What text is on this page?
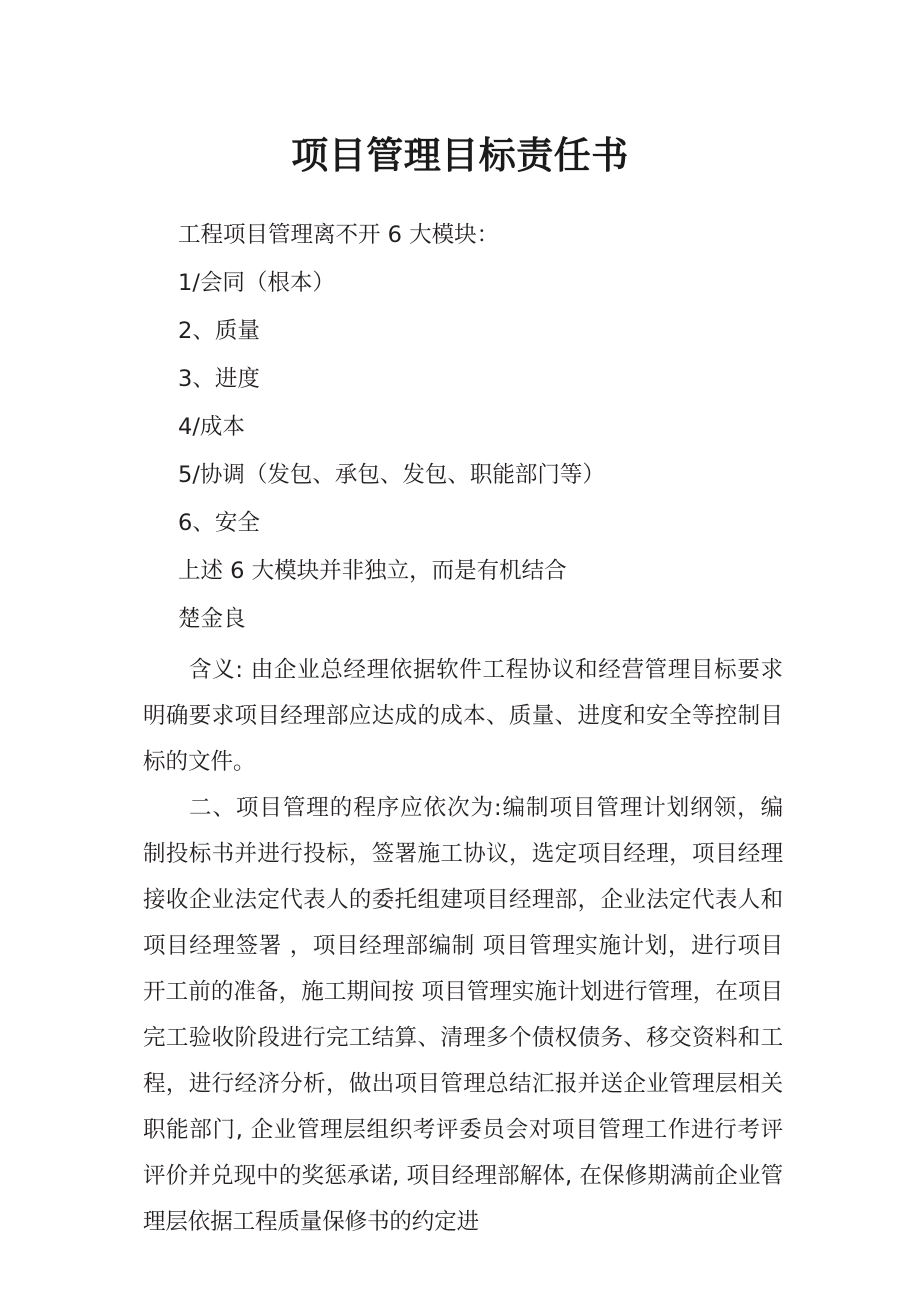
项目管理目标责任书

工程项目管理离不开 6 大模块：

1/会同（根本）

2、质量

3、进度

4/成本

5/协调（发包、承包、发包、职能部门等）

6、安全

上述 6 大模块并非独立，而是有机结合

楚金良

含义: 由企业总经理依据软件工程协议和经营管理目标要求明确要求项目经理部应达成的成本、质量、进度和安全等控制目标的文件。

二、项目管理的程序应依次为:编制项目管理计划纲领，编 制投标书并进行投标，签署施工协议，选定项目经理，项目经理接收企业法定代表人的委托组建项目经理部，企业法定代表人和 项目经理签署 ，项目经理部编制 项目管理实施计划，进行项目开工前的准备，施工期间按 项目管理实施计划进行管理，在项目完工验收阶段进行完工结算、清理多个债权债务、移交资料和工程，进行经济分析，做出项目管理总结汇报并送企业管理层相关职能部门, 企业管理层组织考评委员会对项目管理工作进行考评评价并兑现中的奖惩承诺, 项目经理部解体, 在保修期满前企业管理层依据工程质量保修书的约定进
